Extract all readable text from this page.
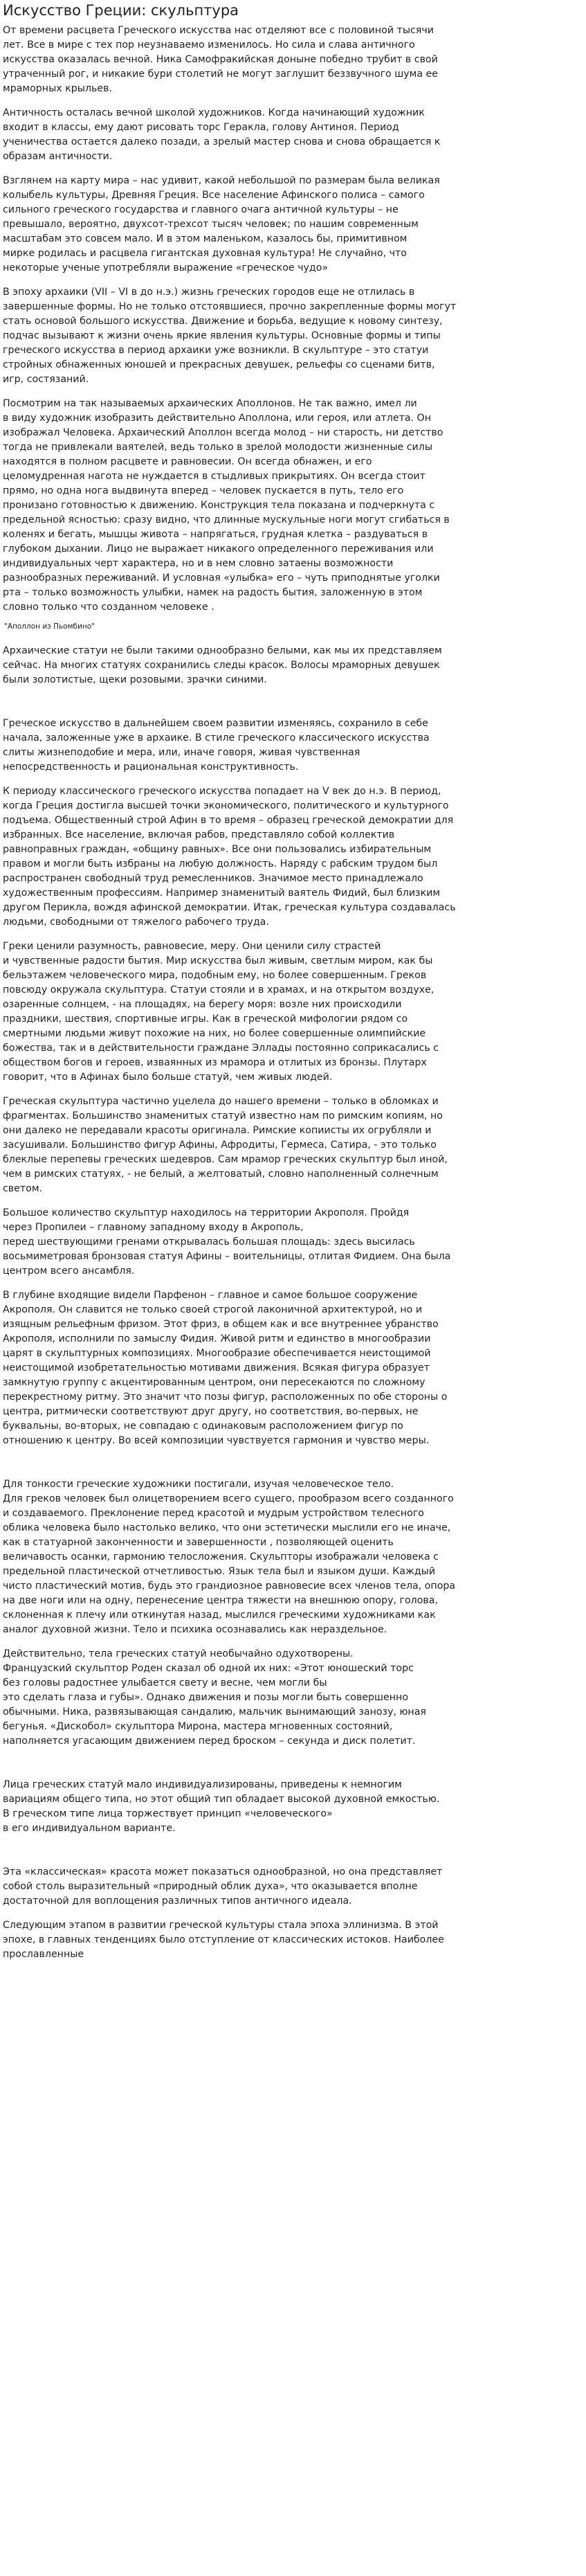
Искусство Греции: скульптура

От времени расцвета Греческого искусства нас отделяют все с половиной тысячи
лет. Все в мире с тех пор неузнаваемо изменилось. Но сила и слава античного
искусства оказалась вечной. Ника Самофракийская доныне победно трубит в свой
утраченный рог, и никакие бури столетий не могут заглушит беззвучного шума ее
мраморных крыльев.

Античность осталась вечной школой художников. Когда начинающий художник
входит в классы, ему дают рисовать торс Геракла, голову Антиноя. Период
ученичества остается далеко позади, а зрелый мастер снова и снова обращается к
образам античности.

Взглянем на карту мира – нас удивит, какой небольшой по размерам была великая
колыбель культуры, Древняя Греция. Все население Афинского полиса – самого
сильного греческого государства и главного очага античной культуры – не
превышало, вероятно, двухсот-трехсот тысяч человек; по нашим современным
масштабам это совсем мало. И в этом маленьком, казалось бы, примитивном
мирке родилась и расцвела гигантская духовная культура! Не случайно, что
некоторые ученые употребляли выражение «греческое чудо»

В эпоху архаики (VII – VI в до н.э.) жизнь греческих городов еще не отлилась в
завершенные формы. Но не только отстоявшиеся, прочно закрепленные формы могут
стать основой большого искусства. Движение и борьба, ведущие к новому синтезу,
подчас вызывают к жизни очень яркие явления культуры. Основные формы и типы
греческого искусства в период архаики уже возникли. В скульптуре – это статуи
стройных обнаженных юношей и прекрасных девушек, рельефы со сценами битв,
игр, состязаний.

Посмотрим на так называемых архаических Аполлонов. Не так важно, имел ли
в виду художник изобразить действительно Аполлона, или героя, или атлета. Он
изображал Человека. Архаический Аполлон всегда молод – ни старость, ни детство
тогда не привлекали ваятелей, ведь только в зрелой молодости жизненные силы
находятся в полном расцвете и равновесии. Он всегда обнажен, и его
целомудренная нагота не нуждается в стыдливых прикрытиях. Он всегда стоит
прямо, но одна нога выдвинута вперед – человек пускается в путь, тело его
пронизано готовностью к движению. Конструкция тела показана и подчеркнута с
предельной ясностью: сразу видно, что длинные мускульные ноги могут сгибаться в
коленях и бегать, мышцы живота – напрягаться, грудная клетка – раздуваться в
глубоком дыхании. Лицо не выражает никакого определенного переживания или
индивидуальных черт характера, но и в нем словно затаены возможности
разнообразных переживаний. И условная «улыбка» его – чуть приподнятые уголки
рта – только возможность улыбки, намек на радость бытия, заложенную в этом
словно только что созданном человеке .

"Аполлон из Пьомбино"

Архаические статуи не были такими однообразно белыми, как мы их представляем
сейчас. На многих статуях сохранились следы красок. Волосы мраморных девушек
были золотистые, щеки розовыми. зрачки синими.

Греческое искусство в дальнейшем своем развитии изменяясь, сохранило в себе
начала, заложенные уже в архаике. В стиле греческого классического искусства
слиты жизнеподобие и мера, или, иначе говоря, живая чувственная
непосредственность и рациональная конструктивность.

К периоду классического греческого искусства попадает на V век до н.э. В период,
когда Греция достигла высшей точки экономического, политического и культурного
подъема. Общественный строй Афин в то время – образец греческой демократии для
избранных. Все население, включая рабов, представляло собой коллектив
равноправных граждан, «общину равных». Все они пользовались избирательным
правом и могли быть избраны на любую должность. Наряду с рабским трудом был
распространен свободный труд ремесленников. Значимое место принадлежало
художественным профессиям. Например знаменитый ваятель Фидий, был близким
другом Перикла, вождя афинской демократии. Итак, греческая культура создавалась
людьми, свободными от тяжелого рабочего труда.

Греки ценили разумность, равновесие, меру. Они ценили силу страстей
и чувственные радости бытия. Мир искусства был живым, светлым миром, как бы
бельэтажем человеческого мира, подобным ему, но более совершенным. Греков
повсюду окружала скульптура. Статуи стояли и в храмах, и на открытом воздухе,
озаренные солнцем, - на площадях, на берегу моря: возле них происходили
праздники, шествия, спортивные игры. Как в греческой мифологии рядом со
смертными людьми живут похожие на них, но более совершенные олимпийские
божества, так и в действительности граждане Эллады постоянно соприкасались с
обществом богов и героев, изваянных из мрамора и отлитых из бронзы. Плутарх
говорит, что в Афинах было больше статуй, чем живых людей.

Греческая скульптура частично уцелела до нашего времени – только в обломках и
фрагментах. Большинство знаменитых статуй известно нам по римским копиям, но
они далеко не передавали красоты оригинала. Римские копиисты их огрубляли и
засушивали. Большинство фигур Афины, Афродиты, Гермеса, Сатира, - это только
блеклые перепевы греческих шедевров. Сам мрамор греческих скульптур был иной,
чем в римских статуях, - не белый, а желтоватый, словно наполненный солнечным
светом.

Большое количество скульптур находилось на территории Акрополя. Пройдя
через Пропилеи – главному западному входу в Акрополь,
перед шествующими гренами открывалась большая площадь: здесь высилась
восьмиметровая бронзовая статуя Афины – воительницы, отлитая Фидием. Она была
центром всего ансамбля.

В глубине входящие видели Парфенон – главное и самое большое сооружение
Акрополя. Он славится не только своей строгой лаконичной архитектурой, но и
изящным рельефным фризом. Этот фриз, в общем как и все внутреннее убранство
Акрополя, исполнили по замыслу Фидия. Живой ритм и единство в многообразии
царят в скульптурных композициях. Многообразие обеспечивается неистощимой
неистощимой изобретательностью мотивами движения. Всякая фигура образует
замкнутую группу с акцентированным центром, они пересекаются по сложному
перекрестному ритму. Это значит что позы фигур, расположенных по обе стороны о
центра, ритмически соответствуют друг другу, но соответствия, во-первых, не
буквальны, во-вторых, не совпадаю с одинаковым расположением фигур по
отношению к центру. Во всей композиции чувствуется гармония и чувство меры.

Для тонкости греческие художники постигали, изучая человеческое тело.
Для греков человек был олицетворением всего сущего, прообразом всего созданного
и создаваемого. Преклонение перед красотой и мудрым устройством телесного
облика человека было настолько велико, что они эстетически мыслили его не иначе,
как в статуарной законченности и завершенности , позволяющей оценить
величавость осанки, гармонию телосложения. Скульпторы изображали человека с
предельной пластической отчетливостью. Язык тела был и языком души. Каждый
чисто пластический мотив, будь это грандиозное равновесие всех членов тела, опора
на две ноги или на одну, перенесение центра тяжести на внешнюю опору, голова,
склоненная к плечу или откинутая назад, мыслился греческими художниками как
аналог духовной жизни. Тело и психика осознавались как нераздельное.

Действительно, тела греческих статуй необычайно одухотворены.
Французский скульптор Роден сказал об одной их них: «Этот юношеский торс
без головы радостнее улыбается свету и весне, чем могли бы
это сделать глаза и губы». Однако движения и позы могли быть совершенно
обычными. Ника, развязывающая сандалию, мальчик вынимающий занозу, юная
бегунья. «Дискобол» скульптора Мирона, мастера мгновенных состояний,
наполняется угасающим движением перед броском – секунда и диск полетит.

Лица греческих статуй мало индивидуализированы, приведены к немногим
вариациям общего типа, но этот общий тип обладает высокой духовной емкостью.
В греческом типе лица торжествует принцип «человеческого»
в его индивидуальном варианте.

Эта «классическая» красота может показаться однообразной, но она представляет
собой столь выразительный «природный облик духа», что оказывается вполне
достаточной для воплощения различных типов античного идеала.

Следующим этапом в развитии греческой культуры стала эпоха эллинизма. В этой
эпохе, в главных тенденциях было отступление от классических истоков. Наиболее
прославленные
